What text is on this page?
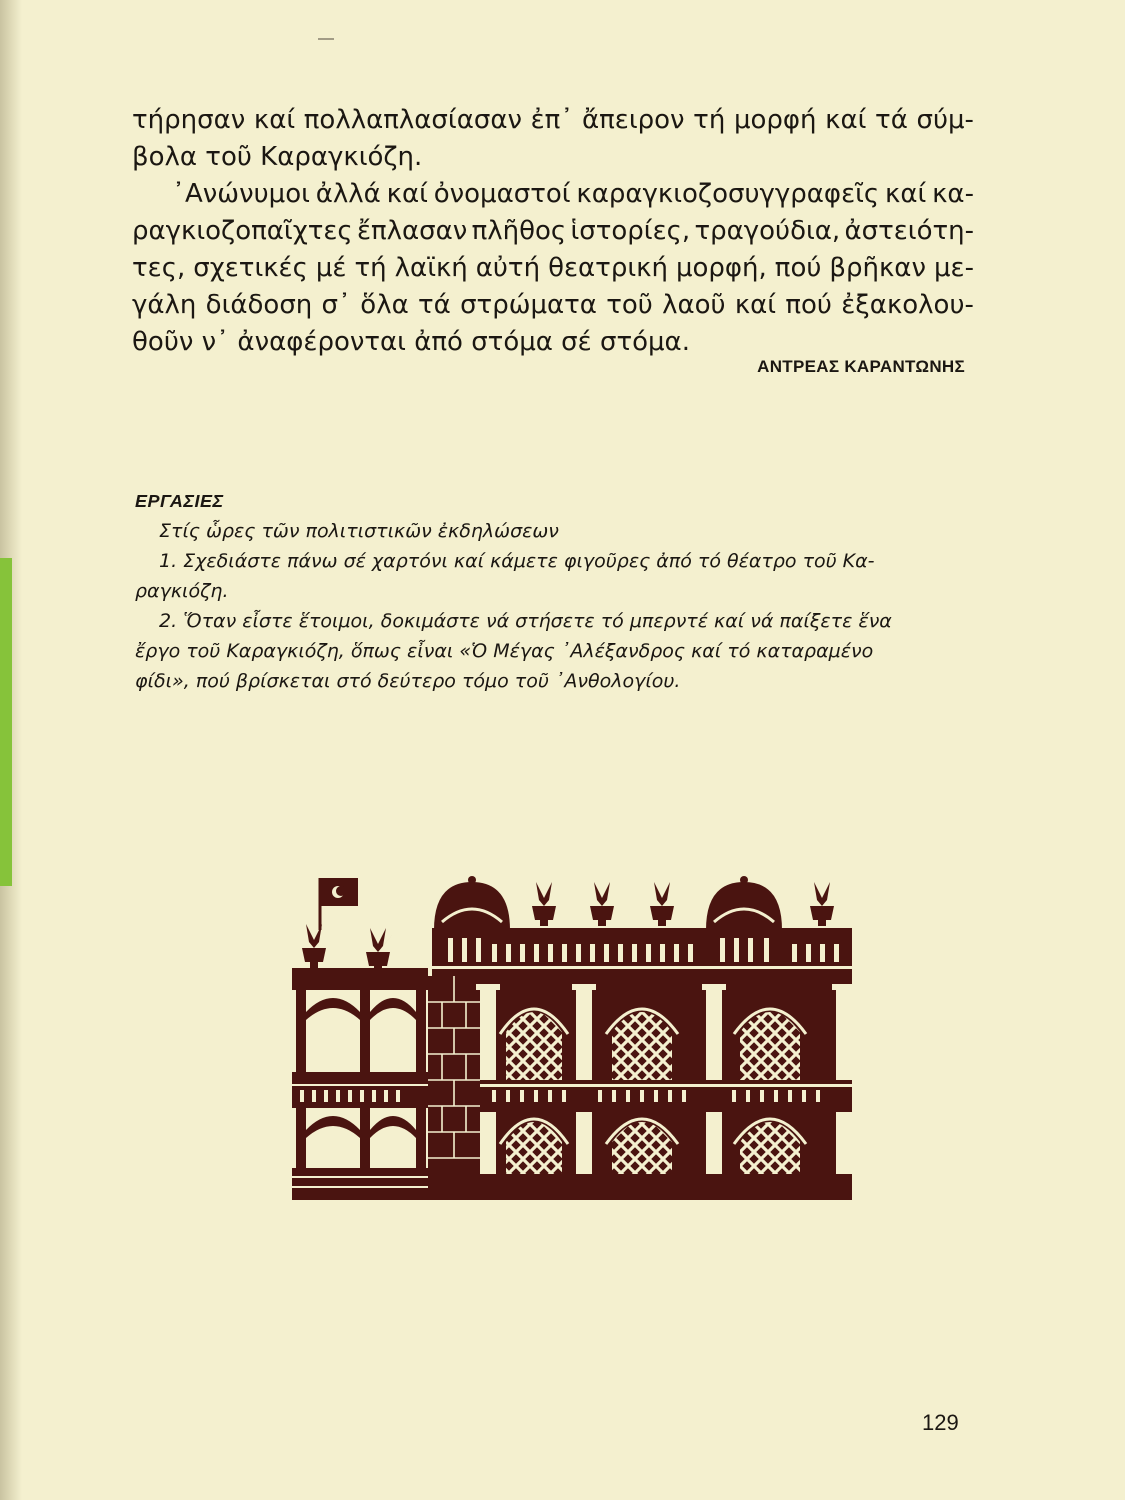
τήρησαν καί πολλαπλασίασαν ἐπ᾽ ἄπειρον τή μορφή καί τά σύμ-
βολα τοῦ Καραγκιόζη.
᾽Ανώνυμοι ἀλλά καί ὀνομαστοί καραγκιοζοσυγγραφεῖς καί κα-
ραγκιοζοπαῖχτες ἔπλασαν πλῆθος ἱστορίες, τραγούδια, ἀστειότη-
τες, σχετικές μέ τή λαϊκή αὐτή θεατρική μορφή, πού βρῆκαν με-
γάλη διάδοση σ᾽ ὅλα τά στρώματα τοῦ λαοῦ καί πού ἐξακολου-
θοῦν ν᾽ ἀναφέρονται ἀπό στόμα σέ στόμα.
ΑΝΤΡΕΑΣ ΚΑΡΑΝΤΩΝΗΣ
ΕΡΓΑΣΙΕΣ
Στίς ὧρες τῶν πολιτιστικῶν ἐκδηλώσεων
1. Σχεδιάστε πάνω σέ χαρτόνι καί κάμετε φιγοῦρες ἀπό τό θέατρο τοῦ Κα-
ραγκιόζη.
2. Ὅταν εἶστε ἕτοιμοι, δοκιμάστε νά στήσετε τό μπερντέ καί νά παίξετε ἕνα
ἔργο τοῦ Καραγκιόζη, ὅπως εἶναι «Ὁ Μέγας ᾽Αλέξανδρος καί τό καταραμένο
φίδι», πού βρίσκεται στό δεύτερο τόμο τοῦ ᾽Ανθολογίου.
129
